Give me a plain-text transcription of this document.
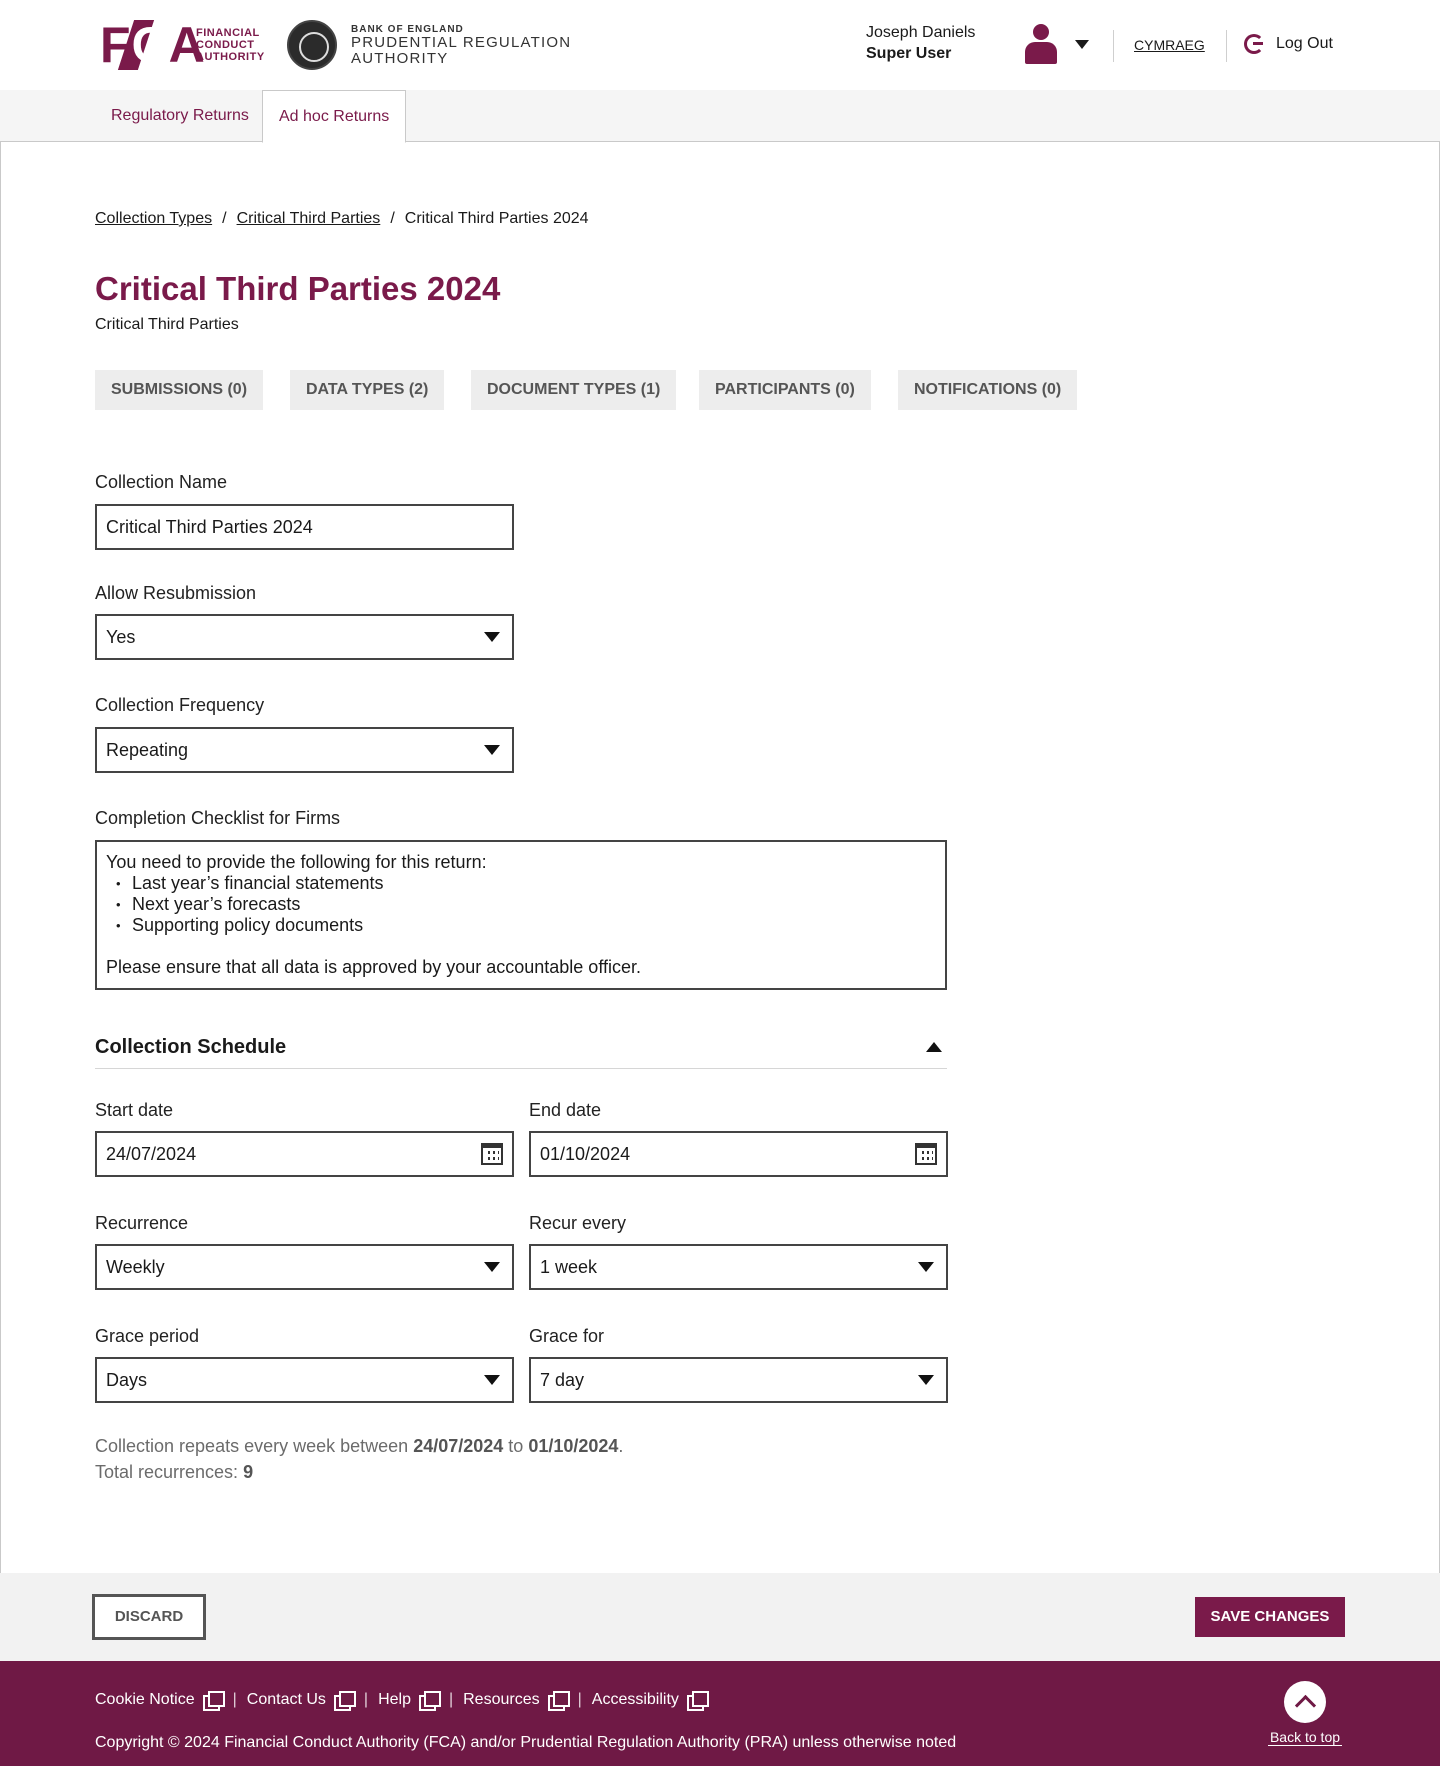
FCA
FINANCIAL
CONDUCT
AUTHORITY
BANK OF ENGLAND
PRUDENTIAL REGULATION
AUTHORITY
Joseph Daniels
Super User	CYMRAEG	Log Out
Regulatory Returns	Ad hoc Returns
Collection Types / Critical Third Parties / Critical Third Parties 2024
Critical Third Parties 2024
Critical Third Parties
SUBMISSIONS (0)	DATA TYPES (2)	DOCUMENT TYPES (1)	PARTICIPANTS (0)	NOTIFICATIONS (0)
Collection Name
Critical Third Parties 2024
Allow Resubmission
Yes
Collection Frequency
Repeating
Completion Checklist for Firms
You need to provide the following for this return:
• Last year’s financial statements
• Next year’s forecasts
• Supporting policy documents
Please ensure that all data is approved by your accountable officer.
Collection Schedule
Start date
24/07/2024
End date
01/10/2024
Recurrence
Weekly
Recur every
1 week
Grace period
Days
Grace for
7 day
Collection repeats every week between 24/07/2024 to 01/10/2024.
Total recurrences: 9
DISCARD	SAVE CHANGES
Cookie Notice | Contact Us | Help | Resources | Accessibility
Copyright © 2024 Financial Conduct Authority (FCA) and/or Prudential Regulation Authority (PRA) unless otherwise noted	Back to top
